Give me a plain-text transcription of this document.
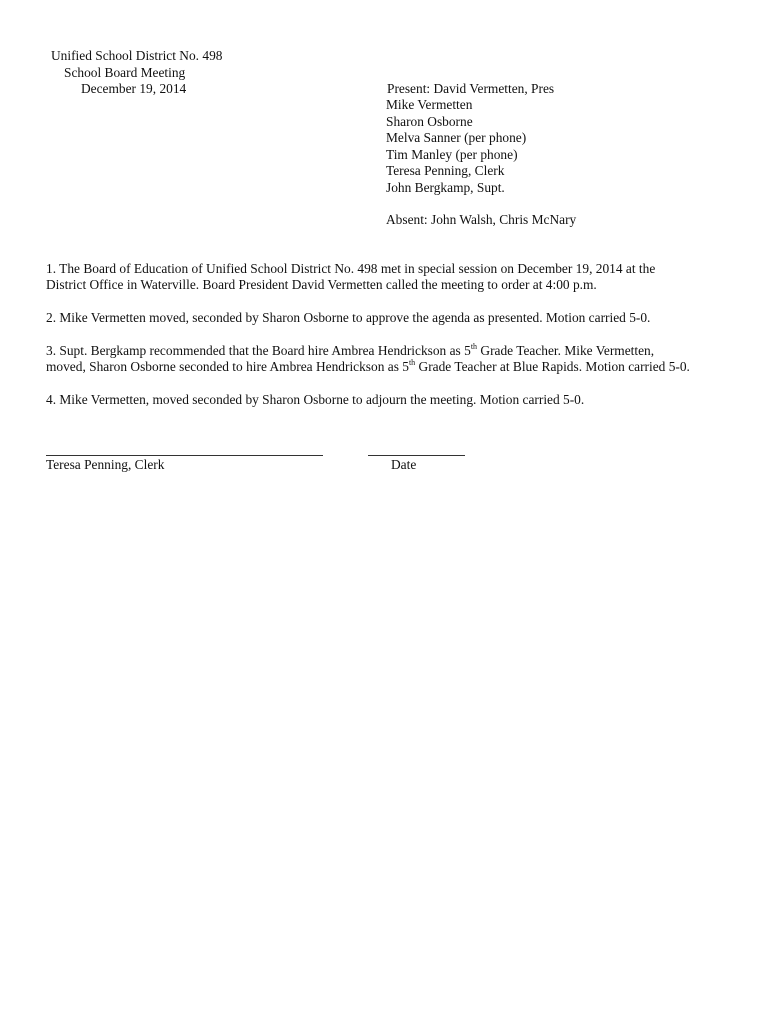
Unified School District No. 498
School Board Meeting
December 19, 2014	Present: David Vermetten, Pres
Mike Vermetten
Sharon Osborne
Melva Sanner (per phone)
Tim Manley (per phone)
Teresa Penning, Clerk
John Bergkamp, Supt.
Absent: John Walsh, Chris McNary
1. The Board of Education of Unified School District No. 498 met in special session on December 19, 2014 at the
District Office in Waterville. Board President David Vermetten called the meeting to order at 4:00 p.m.
2. Mike Vermetten moved, seconded by Sharon Osborne to approve the agenda as presented. Motion carried 5-0.
3. Supt. Bergkamp recommended that the Board hire Ambrea Hendrickson as 5th Grade Teacher. Mike Vermetten,
moved, Sharon Osborne seconded to hire Ambrea Hendrickson as 5th Grade Teacher at Blue Rapids. Motion carried 5-0.
4. Mike Vermetten, moved seconded by Sharon Osborne to adjourn the meeting. Motion carried 5-0.
Teresa Penning, Clerk	Date
